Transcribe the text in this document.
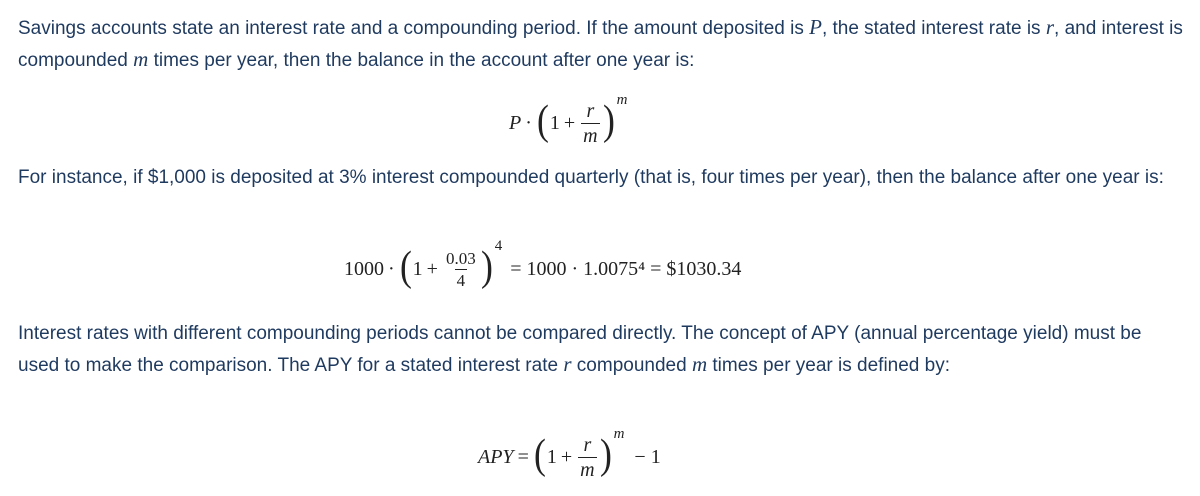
Savings accounts state an interest rate and a compounding period. If the amount deposited is P, the stated interest rate is r, and interest is compounded m times per year, then the balance in the account after one year is:

P · ( $1 + \frac{r}{m}$ ) m

For instance, if $1,000 is deposited at 3% interest compounded quarterly (that is, four times per year), then the balance after one year is:

1000 · ( $1 + \frac{0.03}{4}$ ) 4
= 1000 · 1.0075⁴ = $1030.34

Interest rates with different compounding periods cannot be compared directly. The concept of APY (annual percentage yield) must be used to make the comparison. The APY for a stated interest rate r compounded m times per year is defined by:

APY = ( $1 + \frac{r}{m}$ ) m
− 1
